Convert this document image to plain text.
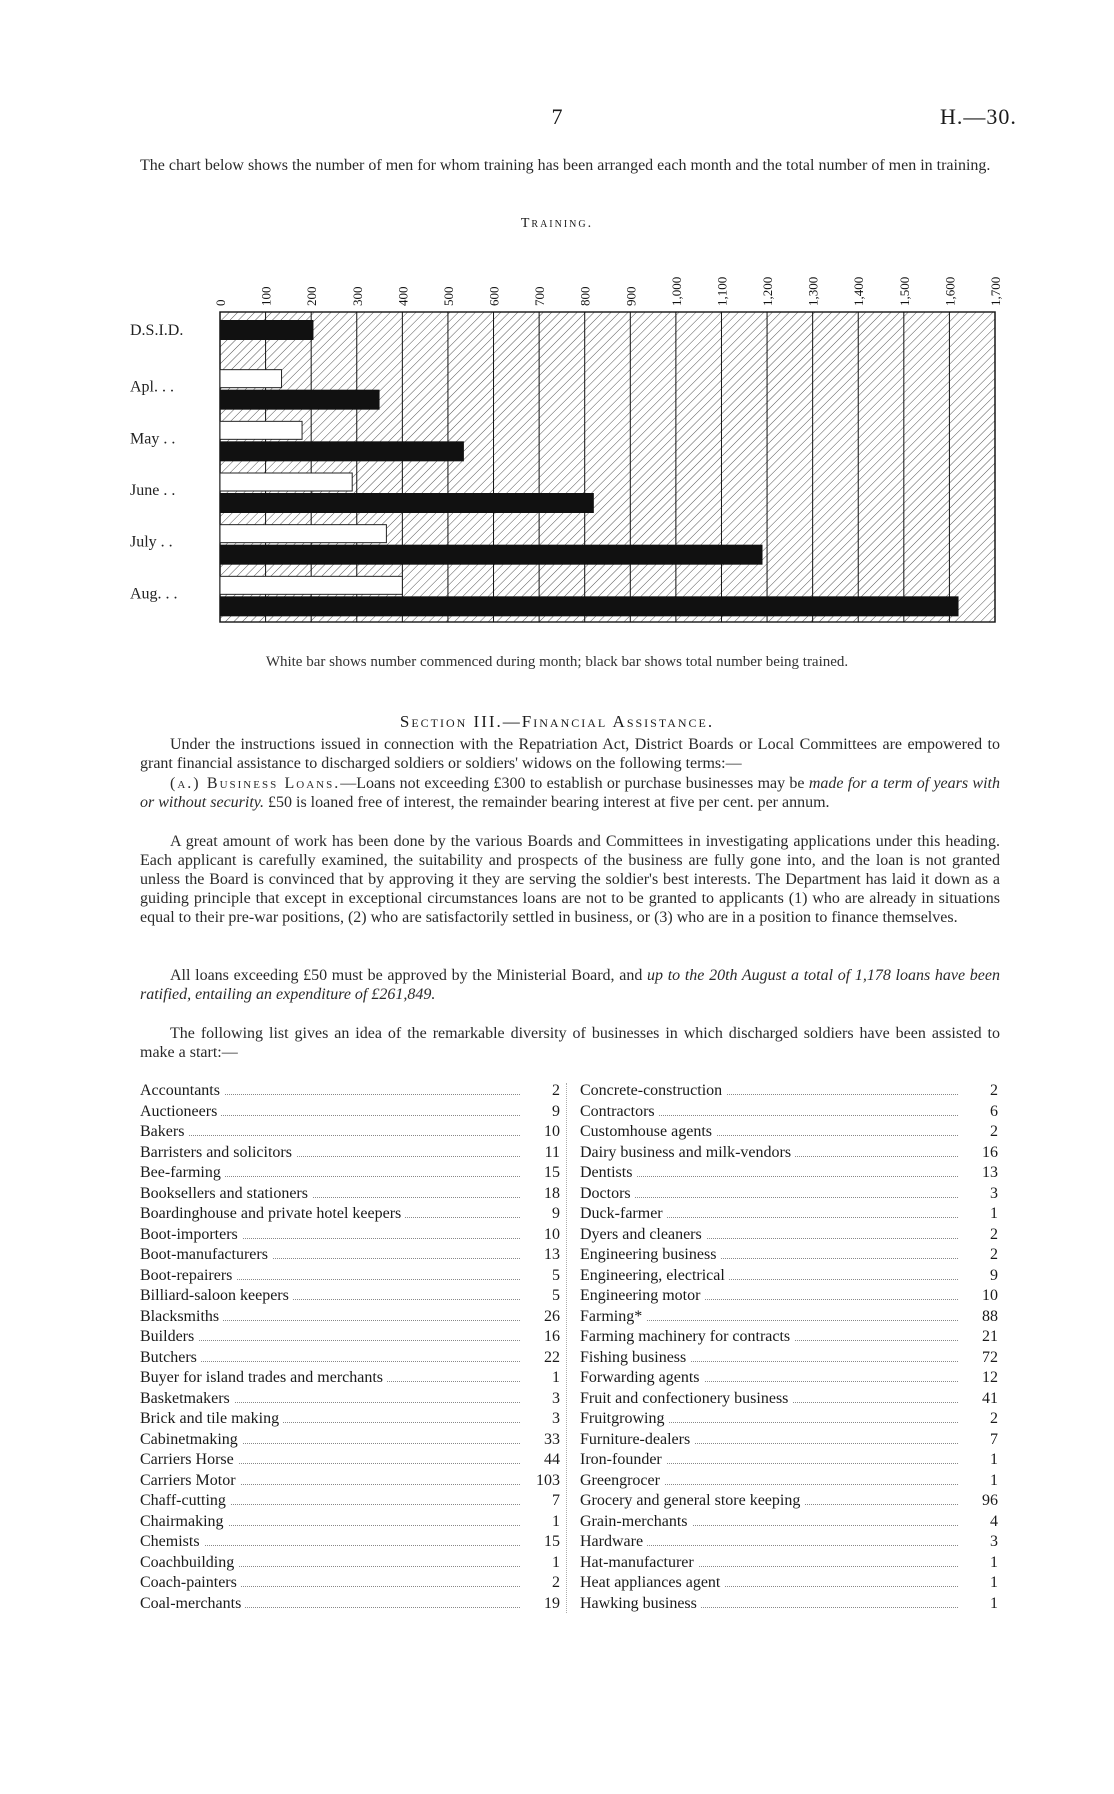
7	H.—30.
The chart below shows the number of men for whom training has been arranged each month and the total number of men in training.
Training.
0 100 200 300 400 500 600 700 800 900 1,000 1,100 1,200 1,300 1,400 1,500 1,600 1,700
D.S.I.D.
Apl. . .
May . .
June . .
July . .
Aug. . .
White bar shows number commenced during month; black bar shows total number being trained.
Section III.—Financial Assistance.
Under the instructions issued in connection with the Repatriation Act, District Boards or Local Committees are empowered to grant financial assistance to discharged soldiers or soldiers' widows on the following terms:—
(a.) Business Loans.—Loans not exceeding £300 to establish or purchase businesses may be made for a term of years with or without security. £50 is loaned free of interest, the remainder bearing interest at five per cent. per annum.
A great amount of work has been done by the various Boards and Committees in investigating applications under this heading. Each applicant is carefully examined, the suitability and prospects of the business are fully gone into, and the loan is not granted unless the Board is convinced that by approving it they are serving the soldier's best interests. The Department has laid it down as a guiding principle that except in exceptional circumstances loans are not to be granted to applicants (1) who are already in situations equal to their pre-war positions, (2) who are satisfactorily settled in business, or (3) who are in a position to finance themselves.
All loans exceeding £50 must be approved by the Ministerial Board, and up to the 20th August a total of 1,178 loans have been ratified, entailing an expenditure of £261,849.
The following list gives an idea of the remarkable diversity of businesses in which discharged soldiers have been assisted to make a start:—
Accountants	2
Auctioneers	9
Bakers	10
Barristers and solicitors	11
Bee-farming	15
Booksellers and stationers	18
Boardinghouse and private hotel keepers	9
Boot-importers	10
Boot-manufacturers	13
Boot-repairers	5
Billiard-saloon keepers	5
Blacksmiths	26
Builders	16
Butchers	22
Buyer for island trades and merchants	1
Basketmakers	3
Brick and tile making	3
Cabinetmaking	33
Carriers Horse	44
Carriers Motor	103
Chaff-cutting	7
Chairmaking	1
Chemists	15
Coachbuilding	1
Coach-painters	2
Coal-merchants	19
Concrete-construction	2
Contractors	6
Customhouse agents	2
Dairy business and milk-vendors	16
Dentists	13
Doctors	3
Duck-farmer	1
Dyers and cleaners	2
Engineering business	2
Engineering, electrical	9
Engineering motor	10
Farming*	88
Farming machinery for contracts	21
Fishing business	72
Forwarding agents	12
Fruit and confectionery business	41
Fruitgrowing	2
Furniture-dealers	7
Iron-founder	1
Greengrocer	1
Grocery and general store keeping	96
Grain-merchants	4
Hardware	3
Hat-manufacturer	1
Heat appliances agent	1
Hawking business	1
